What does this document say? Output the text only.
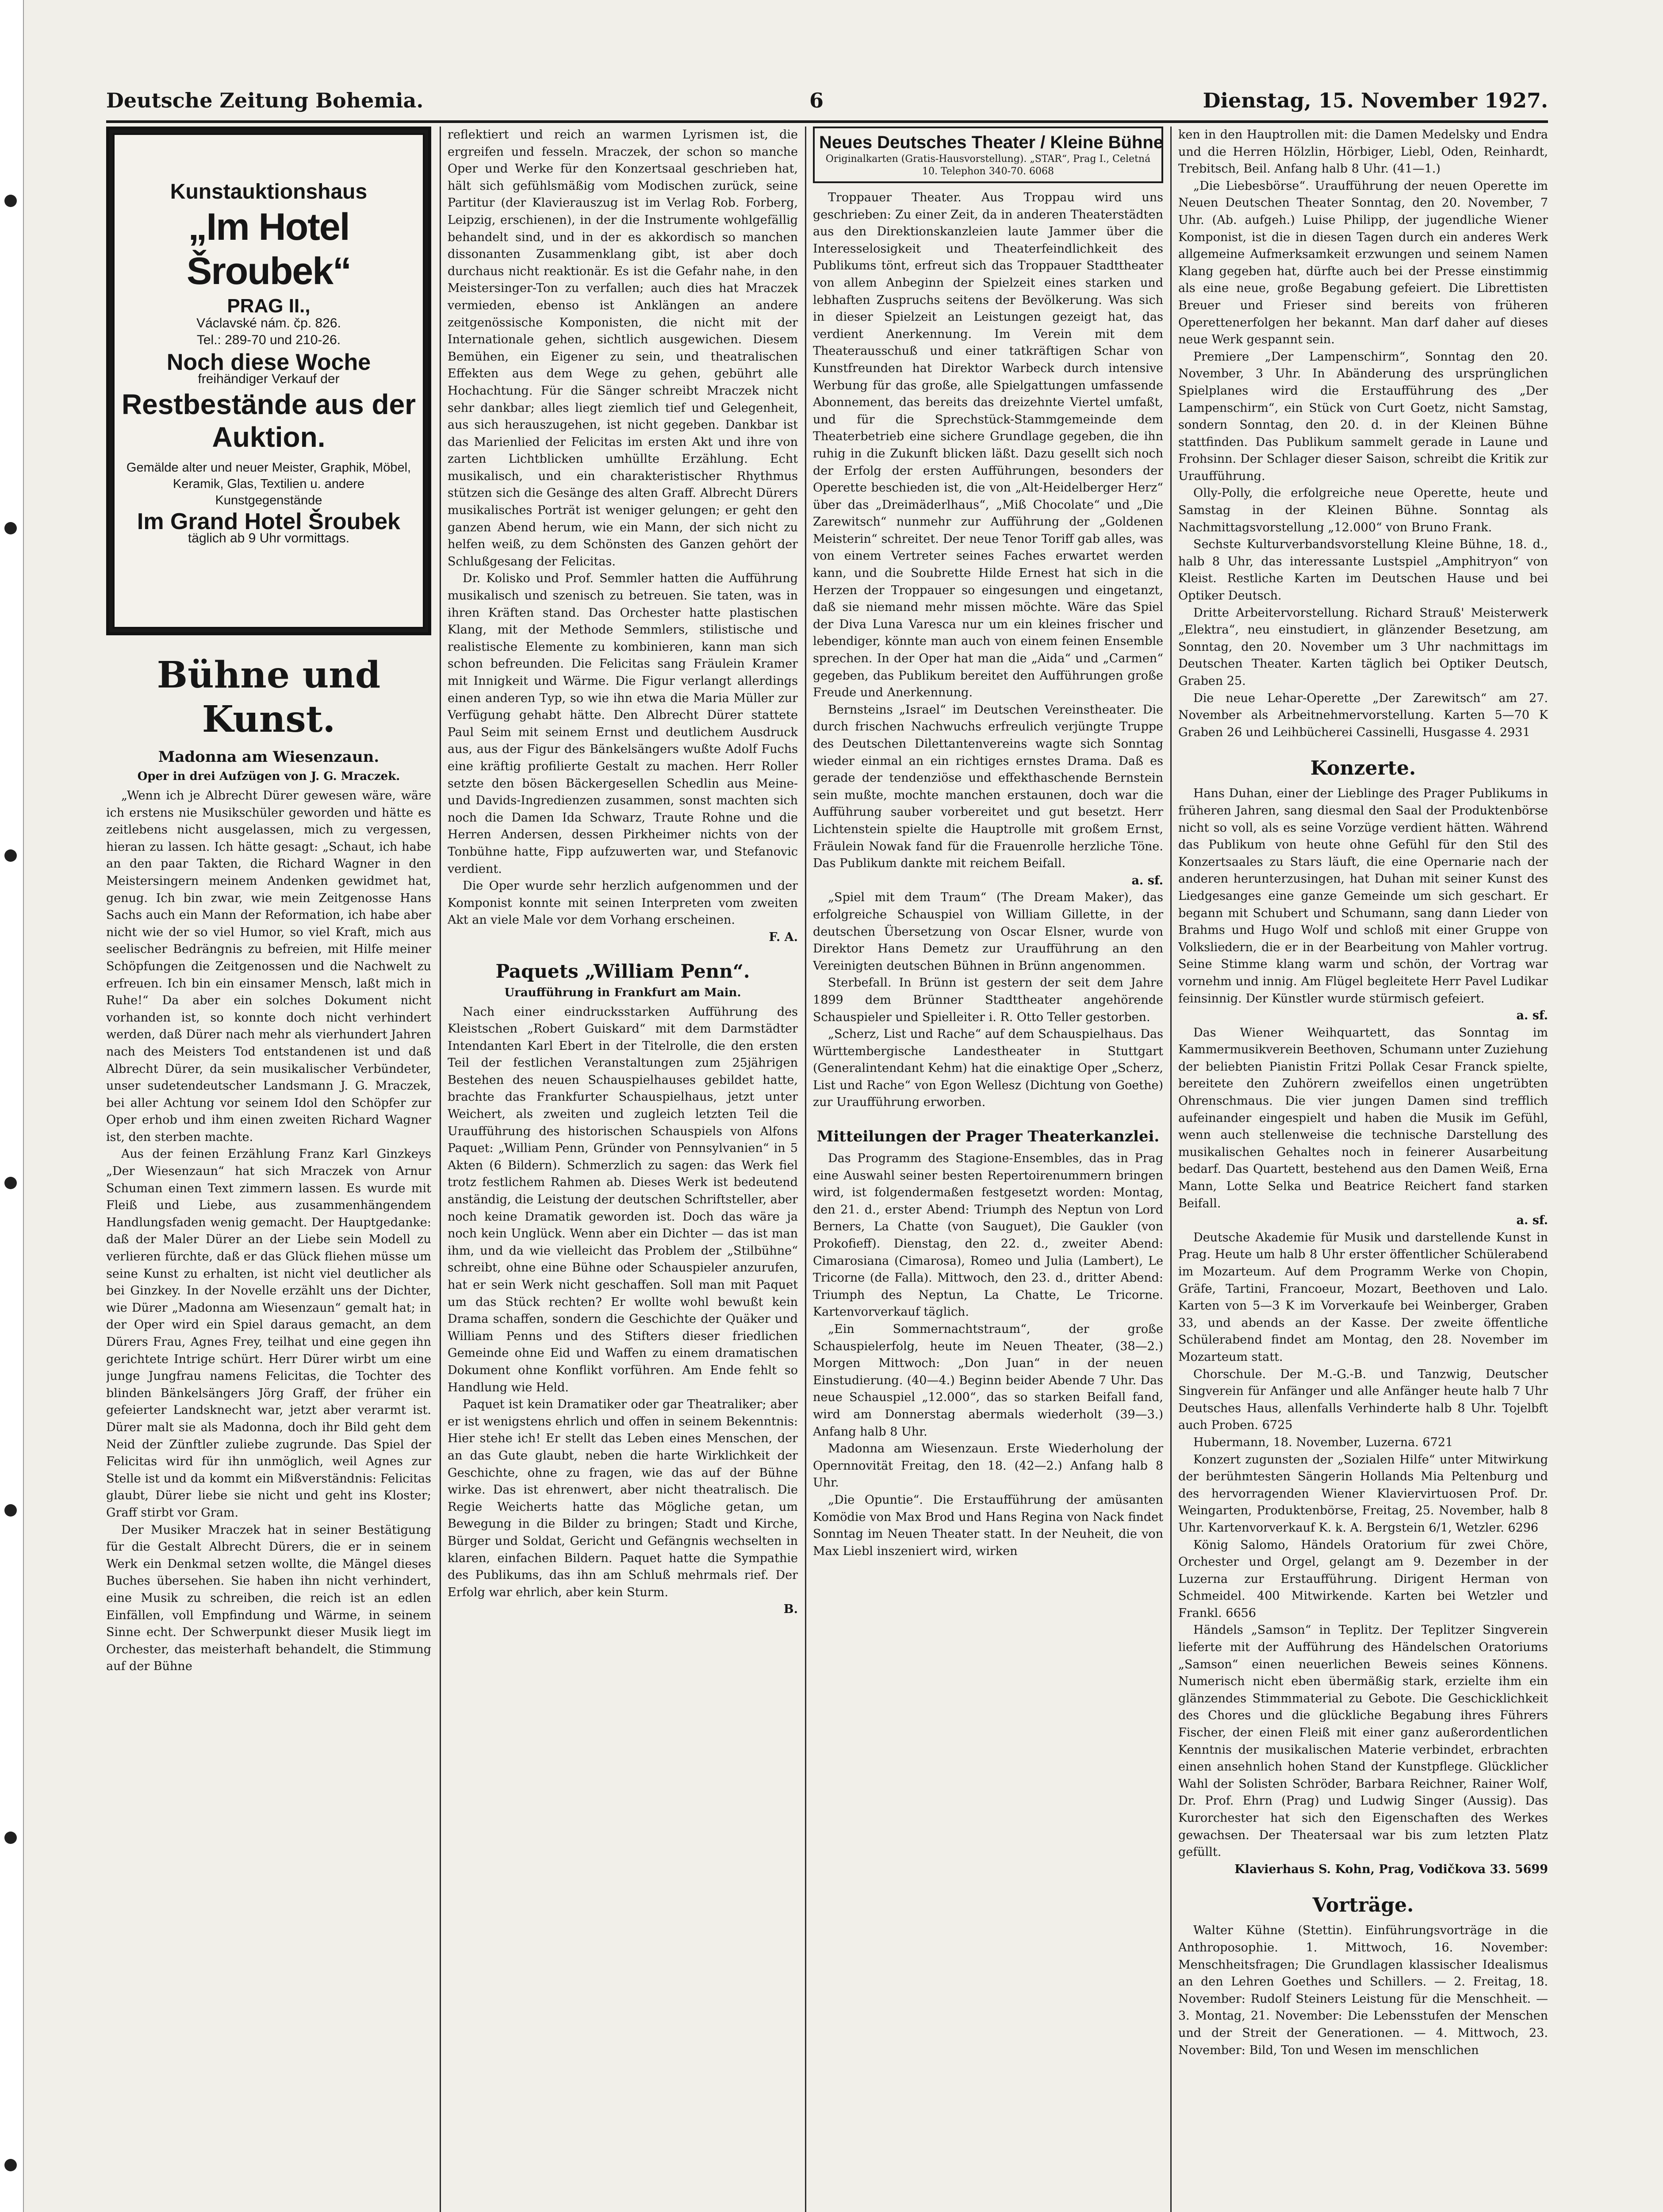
Deutsche Zeitung Bohemia.	6	Dienstag, 15. November 1927.
Kunstauktionshaus
„Im Hotel Šroubek“
PRAG II.,
Václavské nám. čp. 826.
Tel.: 289-70 und 210-26.
Noch diese Woche
freihändiger Verkauf der
Restbestände aus der Auktion.
Gemälde alter und neuer Meister, Graphik, Möbel, Keramik, Glas, Textilien u. andere Kunstgegenstände
Im Grand Hotel Šroubek
täglich ab 9 Uhr vormittags.
Bühne und Kunst.
Madonna am Wiesenzaun.
Oper in drei Aufzügen von J. G. Mraczek.

„Wenn ich je Albrecht Dürer gewesen wäre, wäre ich erstens nie Musikschüler geworden und hätte es zeitlebens nicht ausgelassen, mich zu vergessen, hieran zu lassen. Ich hätte gesagt: „Schaut, ich habe an den paar Takten, die Richard Wagner in den Meistersingern meinem Andenken gewidmet hat, genug. Ich bin zwar, wie mein Zeitgenosse Hans Sachs auch ein Mann der Reformation, ich habe aber nicht wie der so viel Humor, so viel Kraft, mich aus seelischer Bedrängnis zu befreien, mit Hilfe meiner Schöpfungen die Zeitgenossen und die Nachwelt zu erfreuen. Ich bin ein einsamer Mensch, laßt mich in Ruhe!“ Da aber ein solches Dokument nicht vorhanden ist, so konnte doch nicht verhindert werden, daß Dürer nach mehr als vierhundert Jahren nach des Meisters Tod entstandenen ist und daß Albrecht Dürer, da sein musikalischer Verbündeter, unser sudetendeutscher Landsmann J. G. Mraczek, bei aller Achtung vor seinem Idol den Schöpfer zur Oper erhob und ihm einen zweiten Richard Wagner ist, den sterben machte.

Aus der feinen Erzählung Franz Karl Ginzkeys „Der Wiesenzaun“ hat sich Mraczek von Arnur Schuman einen Text zimmern lassen. Es wurde mit Fleiß und Liebe, aus zusammenhängendem Handlungsfaden wenig gemacht. Der Hauptgedanke: daß der Maler Dürer an der Liebe sein Modell zu verlieren fürchte, daß er das Glück fliehen müsse um seine Kunst zu erhalten, ist nicht viel deutlicher als bei Ginzkey. In der Novelle erzählt uns der Dichter, wie Dürer „Madonna am Wiesenzaun“ gemalt hat; in der Oper wird ein Spiel daraus gemacht, an dem Dürers Frau, Agnes Frey, teilhat und eine gegen ihn gerichtete Intrige schürt. Herr Dürer wirbt um eine junge Jungfrau namens Felicitas, die Tochter des blinden Bänkelsängers Jörg Graff, der früher ein gefeierter Landsknecht war, jetzt aber verarmt ist. Dürer malt sie als Madonna, doch ihr Bild geht dem Neid der Zünftler zuliebe zugrunde. Das Spiel der Felicitas wird für ihn unmöglich, weil Agnes zur Stelle ist und da kommt ein Mißverständnis: Felicitas glaubt, Dürer liebe sie nicht und geht ins Kloster; Graff stirbt vor Gram.

Der Musiker Mraczek hat in seiner Bestätigung für die Gestalt Albrecht Dürers, die er in seinem Werk ein Denkmal setzen wollte, die Mängel dieses Buches übersehen. Sie haben ihn nicht verhindert, eine Musik zu schreiben, die reich ist an edlen Einfällen, voll Empfindung und Wärme, in seinem Sinne echt. Der Schwerpunkt dieser Musik liegt im Orchester, das meisterhaft behandelt, die Stimmung auf der Bühne

reflektiert und reich an warmen Lyrismen ist, die ergreifen und fesseln. Mraczek, der schon so manche Oper und Werke für den Konzertsaal geschrieben hat, hält sich gefühlsmäßig vom Modischen zurück, seine Partitur (der Klavierauszug ist im Verlag Rob. Forberg, Leipzig, erschienen), in der die Instrumente wohlgefällig behandelt sind, und in der es akkordisch so manchen dissonanten Zusammenklang gibt, ist aber doch durchaus nicht reaktionär. Es ist die Gefahr nahe, in den Meistersinger-Ton zu verfallen; auch dies hat Mraczek vermieden, ebenso ist Anklängen an andere zeitgenössische Komponisten, die nicht mit der Internationale gehen, sichtlich ausgewichen. Diesem Bemühen, ein Eigener zu sein, und theatralischen Effekten aus dem Wege zu gehen, gebührt alle Hochachtung. Für die Sänger schreibt Mraczek nicht sehr dankbar; alles liegt ziemlich tief und Gelegenheit, aus sich herauszugehen, ist nicht gegeben. Dankbar ist das Marienlied der Felicitas im ersten Akt und ihre von zarten Lichtblicken umhüllte Erzählung. Echt musikalisch, und ein charakteristischer Rhythmus stützen sich die Gesänge des alten Graff. Albrecht Dürers musikalisches Porträt ist weniger gelungen; er geht den ganzen Abend herum, wie ein Mann, der sich nicht zu helfen weiß, zu dem Schönsten des Ganzen gehört der Schlußgesang der Felicitas.

Dr. Kolisko und Prof. Semmler hatten die Aufführung musikalisch und szenisch zu betreuen. Sie taten, was in ihren Kräften stand. Das Orchester hatte plastischen Klang, mit der Methode Semmlers, stilistische und realistische Elemente zu kombinieren, kann man sich schon befreunden. Die Felicitas sang Fräulein Kramer mit Innigkeit und Wärme. Die Figur verlangt allerdings einen anderen Typ, so wie ihn etwa die Maria Müller zur Verfügung gehabt hätte. Den Albrecht Dürer stattete Paul Seim mit seinem Ernst und deutlichem Ausdruck aus, aus der Figur des Bänkelsängers wußte Adolf Fuchs eine kräftig profilierte Gestalt zu machen. Herr Roller setzte den bösen Bäckergesellen Schedlin aus Meine- und Davids-Ingredienzen zusammen, sonst machten sich noch die Damen Ida Schwarz, Traute Rohne und die Herren Andersen, dessen Pirkheimer nichts von der Tonbühne hatte, Fipp aufzuwerten war, und Stefanovic verdient.

Die Oper wurde sehr herzlich aufgenommen und der Komponist konnte mit seinen Interpreten vom zweiten Akt an viele Male vor dem Vorhang erscheinen.

F. A.
Paquets „William Penn“.
Uraufführung in Frankfurt am Main.

Nach einer eindrucksstarken Aufführung des Kleistschen „Robert Guiskard“ mit dem Darmstädter Intendanten Karl Ebert in der Titelrolle, die den ersten Teil der festlichen Veranstaltungen zum 25jährigen Bestehen des neuen Schauspielhauses gebildet hatte, brachte das Frankfurter Schauspielhaus, jetzt unter Weichert, als zweiten und zugleich letzten Teil die Uraufführung des historischen Schauspiels von Alfons Paquet: „William Penn, Gründer von Pennsylvanien“ in 5 Akten (6 Bildern). Schmerzlich zu sagen: das Werk fiel trotz festlichem Rahmen ab. Dieses Werk ist bedeutend anständig, die Leistung der deutschen Schriftsteller, aber noch keine Dramatik geworden ist. Doch das wäre ja noch kein Unglück. Wenn aber ein Dichter — das ist man ihm, und da wie vielleicht das Problem der „Stilbühne“ schreibt, ohne eine Bühne oder Schauspieler anzurufen, hat er sein Werk nicht geschaffen. Soll man mit Paquet um das Stück rechten? Er wollte wohl bewußt kein Drama schaffen, sondern die Geschichte der Quäker und William Penns und des Stifters dieser friedlichen Gemeinde ohne Eid und Waffen zu einem dramatischen Dokument ohne Konflikt vorführen. Am Ende fehlt so Handlung wie Held.

Paquet ist kein Dramatiker oder gar Theatraliker; aber er ist wenigstens ehrlich und offen in seinem Bekenntnis: Hier stehe ich! Er stellt das Leben eines Menschen, der an das Gute glaubt, neben die harte Wirklichkeit der Geschichte, ohne zu fragen, wie das auf der Bühne wirke. Das ist ehrenwert, aber nicht theatralisch. Die Regie Weicherts hatte das Mögliche getan, um Bewegung in die Bilder zu bringen; Stadt und Kirche, Bürger und Soldat, Gericht und Gefängnis wechselten in klaren, einfachen Bildern. Paquet hatte die Sympathie des Publikums, das ihn am Schluß mehrmals rief. Der Erfolg war ehrlich, aber kein Sturm.

B.
Neues Deutsches Theater / Kleine Bühne
Originalkarten (Gratis-Hausvorstellung). „STAR“, Prag I., Celetná 10. Telephon 340-70. 6068

Troppauer Theater. Aus Troppau wird uns geschrieben: Zu einer Zeit, da in anderen Theaterstädten aus den Direktionskanzleien laute Jammer über die Interesselosigkeit und Theaterfeindlichkeit des Publikums tönt, erfreut sich das Troppauer Stadttheater von allem Anbeginn der Spielzeit eines starken und lebhaften Zuspruchs seitens der Bevölkerung. Was sich in dieser Spielzeit an Leistungen gezeigt hat, das verdient Anerkennung. Im Verein mit dem Theaterausschuß und einer tatkräftigen Schar von Kunstfreunden hat Direktor Warbeck durch intensive Werbung für das große, alle Spielgattungen umfassende Abonnement, das bereits das dreizehnte Viertel umfaßt, und für die Sprechstück-Stammgemeinde dem Theaterbetrieb eine sichere Grundlage gegeben, die ihn ruhig in die Zukunft blicken läßt. Dazu gesellt sich noch der Erfolg der ersten Aufführungen, besonders der Operette beschieden ist, die von „Alt-Heidelberger Herz“ über das „Dreimäderlhaus“, „Miß Chocolate“ und „Die Zarewitsch“ nunmehr zur Aufführung der „Goldenen Meisterin“ schreitet. Der neue Tenor Toriff gab alles, was von einem Vertreter seines Faches erwartet werden kann, und die Soubrette Hilde Ernest hat sich in die Herzen der Troppauer so eingesungen und eingetanzt, daß sie niemand mehr missen möchte. Wäre das Spiel der Diva Luna Varesca nur um ein kleines frischer und lebendiger, könnte man auch von einem feinen Ensemble sprechen. In der Oper hat man die „Aida“ und „Carmen“ gegeben, das Publikum bereitet den Aufführungen große Freude und Anerkennung.

Bernsteins „Israel“ im Deutschen Vereinstheater. Die durch frischen Nachwuchs erfreulich verjüngte Truppe des Deutschen Dilettantenvereins wagte sich Sonntag wieder einmal an ein richtiges ernstes Drama. Daß es gerade der tendenziöse und effekthaschende Bernstein sein mußte, mochte manchen erstaunen, doch war die Aufführung sauber vorbereitet und gut besetzt. Herr Lichtenstein spielte die Hauptrolle mit großem Ernst, Fräulein Nowak fand für die Frauenrolle herzliche Töne. Das Publikum dankte mit reichem Beifall.

a. sf.

„Spiel mit dem Traum“ (The Dream Maker), das erfolgreiche Schauspiel von William Gillette, in der deutschen Übersetzung von Oscar Elsner, wurde von Direktor Hans Demetz zur Uraufführung an den Vereinigten deutschen Bühnen in Brünn angenommen.

Sterbefall. In Brünn ist gestern der seit dem Jahre 1899 dem Brünner Stadttheater angehörende Schauspieler und Spielleiter i. R. Otto Teller gestorben.

„Scherz, List und Rache“ auf dem Schauspielhaus. Das Württembergische Landestheater in Stuttgart (Generalintendant Kehm) hat die einaktige Oper „Scherz, List und Rache“ von Egon Wellesz (Dichtung von Goethe) zur Uraufführung erworben.

Mitteilungen der Prager Theaterkanzlei.

Das Programm des Stagione-Ensembles, das in Prag eine Auswahl seiner besten Repertoirenummern bringen wird, ist folgendermaßen festgesetzt worden: Montag, den 21. d., erster Abend: Triumph des Neptun von Lord Berners, La Chatte (von Sauguet), Die Gaukler (von Prokofieff). Dienstag, den 22. d., zweiter Abend: Cimarosiana (Cimarosa), Romeo und Julia (Lambert), Le Tricorne (de Falla). Mittwoch, den 23. d., dritter Abend: Triumph des Neptun, La Chatte, Le Tricorne. Kartenvorverkauf täglich.

„Ein Sommernachtstraum“, der große Schauspielerfolg, heute im Neuen Theater, (38—2.) Morgen Mittwoch: „Don Juan“ in der neuen Einstudierung. (40—4.) Beginn beider Abende 7 Uhr. Das neue Schauspiel „12.000“, das so starken Beifall fand, wird am Donnerstag abermals wiederholt (39—3.) Anfang halb 8 Uhr.

Madonna am Wiesenzaun. Erste Wiederholung der Opernnovität Freitag, den 18. (42—2.) Anfang halb 8 Uhr.

„Die Opuntie“. Die Erstaufführung der amüsanten Komödie von Max Brod und Hans Regina von Nack findet Sonntag im Neuen Theater statt. In der Neuheit, die von Max Liebl inszeniert wird, wirken

ken in den Hauptrollen mit: die Damen Medelsky und Endra und die Herren Hölzlin, Hörbiger, Liebl, Oden, Reinhardt, Trebitsch, Beil. Anfang halb 8 Uhr. (41—1.)

„Die Liebesbörse“. Uraufführung der neuen Operette im Neuen Deutschen Theater Sonntag, den 20. November, 7 Uhr. (Ab. aufgeh.) Luise Philipp, der jugendliche Wiener Komponist, ist die in diesen Tagen durch ein anderes Werk allgemeine Aufmerksamkeit erzwungen und seinem Namen Klang gegeben hat, dürfte auch bei der Presse einstimmig als eine neue, große Begabung gefeiert. Die Librettisten Breuer und Frieser sind bereits von früheren Operettenerfolgen her bekannt. Man darf daher auf dieses neue Werk gespannt sein.

Premiere „Der Lampenschirm“, Sonntag den 20. November, 3 Uhr. In Abänderung des ursprünglichen Spielplanes wird die Erstaufführung des „Der Lampenschirm“, ein Stück von Curt Goetz, nicht Samstag, sondern Sonntag, den 20. d. in der Kleinen Bühne stattfinden. Das Publikum sammelt gerade in Laune und Frohsinn. Der Schlager dieser Saison, schreibt die Kritik zur Uraufführung.

Olly-Polly, die erfolgreiche neue Operette, heute und Samstag in der Kleinen Bühne. Sonntag als Nachmittagsvorstellung „12.000“ von Bruno Frank.

Sechste Kulturverbandsvorstellung Kleine Bühne, 18. d., halb 8 Uhr, das interessante Lustspiel „Amphitryon“ von Kleist. Restliche Karten im Deutschen Hause und bei Optiker Deutsch.

Dritte Arbeitervorstellung. Richard Strauß' Meisterwerk „Elektra“, neu einstudiert, in glänzender Besetzung, am Sonntag, den 20. November um 3 Uhr nachmittags im Deutschen Theater. Karten täglich bei Optiker Deutsch, Graben 25.

Die neue Lehar-Operette „Der Zarewitsch“ am 27. November als Arbeitnehmervorstellung. Karten 5—70 K Graben 26 und Leihbücherei Cassinelli, Husgasse 4. 2931

Konzerte.

Hans Duhan, einer der Lieblinge des Prager Publikums in früheren Jahren, sang diesmal den Saal der Produktenbörse nicht so voll, als es seine Vorzüge verdient hätten. Während das Publikum von heute ohne Gefühl für den Stil des Konzertsaales zu Stars läuft, die eine Opernarie nach der anderen herunterzusingen, hat Duhan mit seiner Kunst des Liedgesanges eine ganze Gemeinde um sich geschart. Er begann mit Schubert und Schumann, sang dann Lieder von Brahms und Hugo Wolf und schloß mit einer Gruppe von Volksliedern, die er in der Bearbeitung von Mahler vortrug. Seine Stimme klang warm und schön, der Vortrag war vornehm und innig. Am Flügel begleitete Herr Pavel Ludikar feinsinnig. Der Künstler wurde stürmisch gefeiert.

a. sf.

Das Wiener Weihquartett, das Sonntag im Kammermusikverein Beethoven, Schumann unter Zuziehung der beliebten Pianistin Fritzi Pollak Cesar Franck spielte, bereitete den Zuhörern zweifellos einen ungetrübten Ohrenschmaus. Die vier jungen Damen sind trefflich aufeinander eingespielt und haben die Musik im Gefühl, wenn auch stellenweise die technische Darstellung des musikalischen Gehaltes noch in feinerer Ausarbeitung bedarf. Das Quartett, bestehend aus den Damen Weiß, Erna Mann, Lotte Selka und Beatrice Reichert fand starken Beifall.

a. sf.

Deutsche Akademie für Musik und darstellende Kunst in Prag. Heute um halb 8 Uhr erster öffentlicher Schülerabend im Mozarteum. Auf dem Programm Werke von Chopin, Gräfe, Tartini, Francoeur, Mozart, Beethoven und Lalo. Karten von 5—3 K im Vorverkaufe bei Weinberger, Graben 33, und abends an der Kasse. Der zweite öffentliche Schülerabend findet am Montag, den 28. November im Mozarteum statt.

Chorschule. Der M.-G.-B. und Tanzwig, Deutscher Singverein für Anfänger und alle Anfänger heute halb 7 Uhr Deutsches Haus, allenfalls Verhinderte halb 8 Uhr. Tojelbft auch Proben. 6725

Hubermann, 18. November, Luzerna. 6721

Konzert zugunsten der „Sozialen Hilfe“ unter Mitwirkung der berühmtesten Sängerin Hollands Mia Peltenburg und des hervorragenden Wiener Klaviervirtuosen Prof. Dr. Weingarten, Produktenbörse, Freitag, 25. November, halb 8 Uhr. Kartenvorverkauf K. k. A. Bergstein 6/1, Wetzler. 6296

König Salomo, Händels Oratorium für zwei Chöre, Orchester und Orgel, gelangt am 9. Dezember in der Luzerna zur Erstaufführung. Dirigent Herman von Schmeidel. 400 Mitwirkende. Karten bei Wetzler und Frankl. 6656

Händels „Samson“ in Teplitz. Der Teplitzer Singverein lieferte mit der Aufführung des Händelschen Oratoriums „Samson“ einen neuerlichen Beweis seines Könnens. Numerisch nicht eben übermäßig stark, erzielte ihm ein glänzendes Stimmmaterial zu Gebote. Die Geschicklichkeit des Chores und die glückliche Begabung ihres Führers Fischer, der einen Fleiß mit einer ganz außerordentlichen Kenntnis der musikalischen Materie verbindet, erbrachten einen ansehnlich hohen Stand der Kunstpflege. Glücklicher Wahl der Solisten Schröder, Barbara Reichner, Rainer Wolf, Dr. Prof. Ehrn (Prag) und Ludwig Singer (Aussig). Das Kurorchester hat sich den Eigenschaften des Werkes gewachsen. Der Theatersaal war bis zum letzten Platz gefüllt.

Klavierhaus S. Kohn, Prag, Vodičkova 33. 5699

Vorträge.

Walter Kühne (Stettin). Einführungsvorträge in die Anthroposophie. 1. Mittwoch, 16. November: Menschheitsfragen; Die Grundlagen klassischer Idealismus an den Lehren Goethes und Schillers. — 2. Freitag, 18. November: Rudolf Steiners Leistung für die Menschheit. — 3. Montag, 21. November: Die Lebensstufen der Menschen und der Streit der Generationen. — 4. Mittwoch, 23. November: Bild, Ton und Wesen im menschlichen
